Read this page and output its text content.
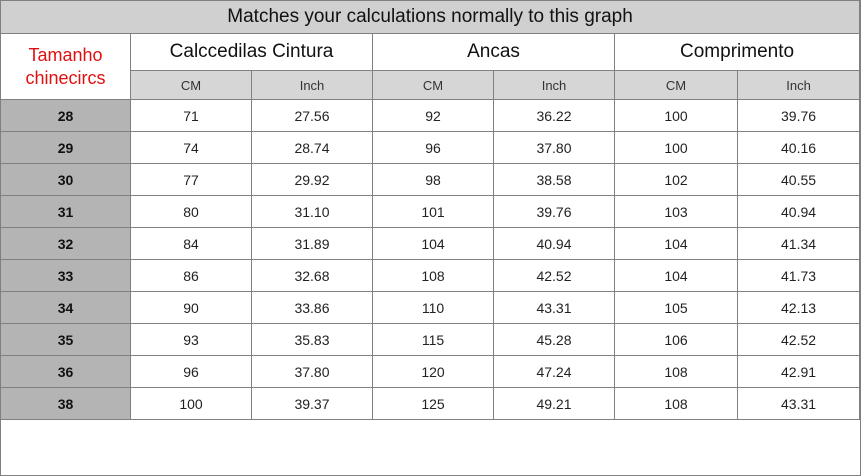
Matches your calculations normally to this graph						
Tamanho
chinecircs	Calccedilas Cintura		Ancas		Comprimento	
	CM	Inch	CM	Inch	CM	Inch
28	71	27.56	92	36.22	100	39.76
29	74	28.74	96	37.80	100	40.16
30	77	29.92	98	38.58	102	40.55
31	80	31.10	101	39.76	103	40.94
32	84	31.89	104	40.94	104	41.34
33	86	32.68	108	42.52	104	41.73
34	90	33.86	110	43.31	105	42.13
35	93	35.83	115	45.28	106	42.52
36	96	37.80	120	47.24	108	42.91
38	100	39.37	125	49.21	108	43.31
